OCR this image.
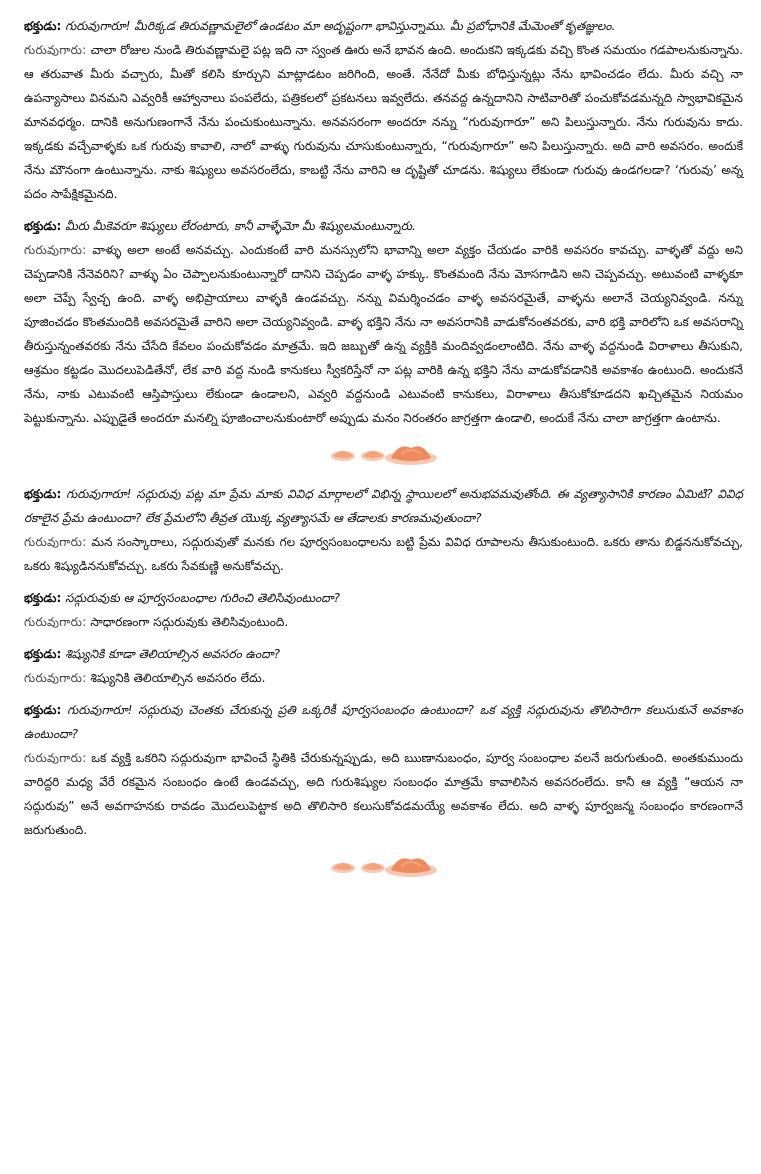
భక్తుడు: గురువుగారూ! మీరిక్కడ తిరువణ్ణామలైలో ఉండటం మా అదృష్టంగా భావిస్తున్నాము. మీ ప్రబోధానికి మేమెంతో కృతజ్ఞులం.

గురువుగారు: చాలా రోజుల నుండి తిరువణ్ణామలై పట్ల ఇది నా స్వంత ఊరు అనే భావన ఉంది. అందుకని ఇక్కడకు వచ్చి కొంత సమయం గడపాలనుకున్నాను. ఆ తరువాత మీరు వచ్చారు, మీతో కలిసి కూర్చుని మాట్లాడటం జరిగింది, అంతే. నేనేదో మీకు బోధిస్తున్నట్లు నేను భావించడం లేదు. మీరు వచ్చి నా ఉపన్యాసాలు వినమని ఎవ్వరికీ ఆహ్వానాలు పంపలేదు, పత్రికలలో ప్రకటనలు ఇవ్వలేదు. తనవద్ద ఉన్నదానిని సాటివారితో పంచుకోవడమన్నది స్వాభావికమైన మానవధర్మం. దానికి అనుగుణంగానే నేను పంచుకుంటున్నాను. అనవసరంగా అందరూ నన్ను “గురువుగారూ” అని పిలుస్తున్నారు. నేను గురువును కాదు. ఇక్కడకు వచ్చేవాళ్ళకు ఒక గురువు కావాలి, నాలో వాళ్ళు గురువును చూసుకుంటున్నారు, “గురువుగారూ” అని పిలుస్తున్నారు. అది వారి అవసరం. అందుకే నేను మౌనంగా ఉంటున్నాను. నాకు శిష్యులు అవసరంలేదు, కాబట్టి నేను వారిని ఆ దృష్టితో చూడను. శిష్యులు లేకుండా గురువు ఉండగలడా? ‘గురువు’ అన్న పదం సాపేక్షికమైనది.

భక్తుడు: మీరు మీకెవరూ శిష్యులు లేరంటారు, కానీ వాళ్ళేమో మీ శిష్యులమంటున్నారు.

గురువుగారు: వాళ్ళు అలా అంటే అనవచ్చు. ఎందుకంటే వారి మనస్సులోని భావాన్ని అలా వ్యక్తం చేయడం వారికి అవసరం కావచ్చు. వాళ్ళతో వద్దు అని చెప్పడానికి నేనెవరిని? వాళ్ళు ఏం చెప్పాలనుకుంటున్నారో దానిని చెప్పడం వాళ్ళ హక్కు. కొంతమంది నేను మోసగాడిని అని చెప్పవచ్చు. అటువంటి వాళ్ళకూ అలా చెప్పే స్వేచ్ఛ ఉంది. వాళ్ళ అభిప్రాయాలు వాళ్ళకి ఉండవచ్చు. నన్ను విమర్శించడం వాళ్ళ అవసరమైతే, వాళ్ళను అలానే చెయ్యనివ్వండి. నన్ను పూజించడం కొంతమందికి అవసరమైతే వారిని అలా చెయ్యనివ్వండి. వాళ్ళ భక్తిని నేను నా అవసరానికి వాడుకోనంతవరకు, వారి భక్తి వారిలోని ఒక అవసరాన్ని తీరుస్తున్నంతవరకు నేను చేసేది కేవలం పంచుకోవడం మాత్రమే. ఇది జబ్బుతో ఉన్న వ్యక్తికి మందివ్వడంలాంటిది. నేను వాళ్ళ వద్దనుండి విరాళాలు తీసుకుని, ఆశ్రమం కట్టడం మొదలుపెడితేనో, లేక వారి వద్ద నుండి కానుకలు స్వీకరిస్తేనో నా పట్ల వారికి ఉన్న భక్తిని నేను వాడుకోవడానికి అవకాశం ఉంటుంది. అందుకనే నేను, నాకు ఎటువంటి ఆస్తిపాస్తులు లేకుండా ఉండాలని, ఎవ్వరి వద్దనుండి ఎటువంటి కానుకలు, విరాళాలు తీసుకోకూడదని ఖచ్చితమైన నియమం పెట్టుకున్నాను. ఎప్పుడైతే అందరూ మనల్ని పూజించాలనుకుంటారో అప్పుడు మనం నిరంతరం జాగ్రత్తగా ఉండాలి, అందుకే నేను చాలా జాగ్రత్తగా ఉంటాను.

భక్తుడు: గురువుగారూ! సద్గురువు పట్ల మా ప్రేమ మాకు వివిధ మార్గాలలో విభిన్న స్థాయిలలో అనుభవమవుతోంది. ఈ వ్యత్యాసానికి కారణం ఏమిటి? వివిధ రకాలైన ప్రేమ ఉంటుందా? లేక ప్రేమలోని తీవ్రత యొక్క వ్యత్యాసమే ఆ తేడాలకు కారణమవుతుందా?

గురువుగారు: మన సంస్కారాలు, సద్గురువుతో మనకు గల పూర్వసంబంధాలను బట్టి ప్రేమ వివిధ రూపాలను తీసుకుంటుంది. ఒకరు తాను బిడ్డననుకోవచ్చు, ఒకరు శిష్యుడిననుకోవచ్చు. ఒకరు సేవకుణ్ణి అనుకోవచ్చు.

భక్తుడు: సద్గురువుకు ఆ పూర్వసంబంధాల గురించి తెలిసివుంటుందా?

గురువుగారు: సాధారణంగా సద్గురువుకు తెలిసివుంటుంది.

భక్తుడు: శిష్యునికి కూడా తెలియాల్సిన అవసరం ఉందా?

గురువుగారు: శిష్యునికి తెలియాల్సిన అవసరం లేదు.

భక్తుడు: గురువుగారూ! సద్గురువు చెంతకు చేరుకున్న ప్రతి ఒక్కరికీ పూర్వసంబంధం ఉంటుందా? ఒక వ్యక్తి సద్గురువును తొలిసారిగా కలుసుకునే అవకాశం ఉంటుందా?

గురువుగారు: ఒక వ్యక్తి ఒకరిని సద్గురువుగా భావించే స్థితికి చేరుకున్నప్పుడు, అది ఋణానుబంధం, పూర్వ సంబంధాల వలనే జరుగుతుంది. అంతకుముందు వారిద్దరి మధ్య వేరే రకమైన సంబంధం ఉంటే ఉండవచ్చు, అది గురుశిష్యుల సంబంధం మాత్రమే కావాలిసిన అవసరంలేదు. కానీ ఆ వ్యక్తి “ఆయన నా సద్గురువు” అనే అవగాహనకు రావడం మొదలుపెట్టాక అది తొలిసారి కలుసుకోవడమయ్యే అవకాశం లేదు. అది వాళ్ళ పూర్వజన్మ సంబంధం కారణంగానే జరుగుతుంది.
